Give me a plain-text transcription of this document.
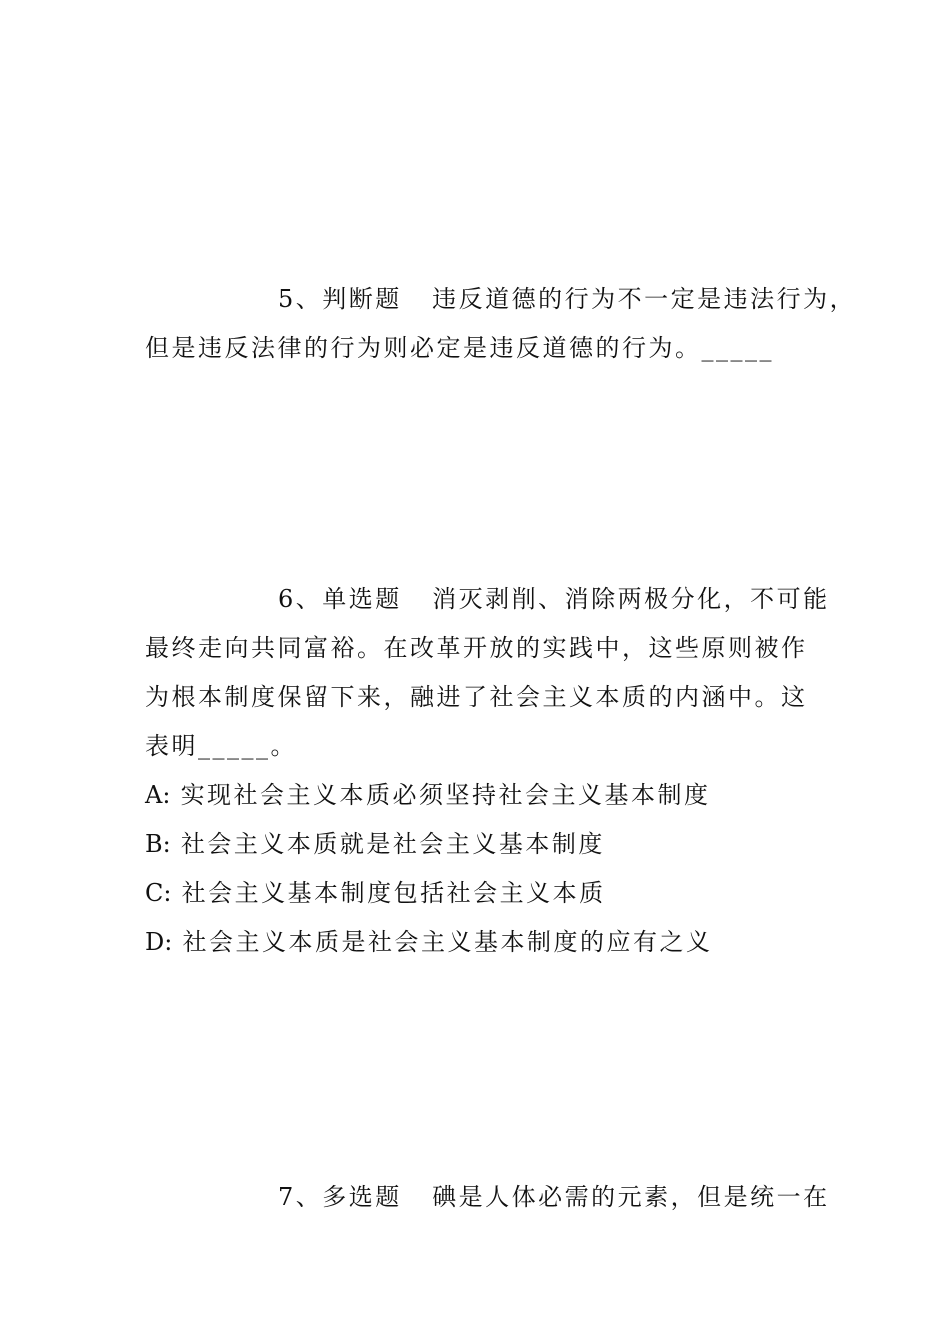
5、判断题 违反道德的行为不一定是违法行为，
但是违反法律的行为则必定是违反道德的行为。_____
6、单选题 消灭剥削、消除两极分化，不可能
最终走向共同富裕。在改革开放的实践中，这些原则被作
为根本制度保留下来，融进了社会主义本质的内涵中。这
表明_____。
A: 实现社会主义本质必须坚持社会主义基本制度
B: 社会主义本质就是社会主义基本制度
C: 社会主义基本制度包括社会主义本质
D: 社会主义本质是社会主义基本制度的应有之义
7、多选题 碘是人体必需的元素，但是统一在
